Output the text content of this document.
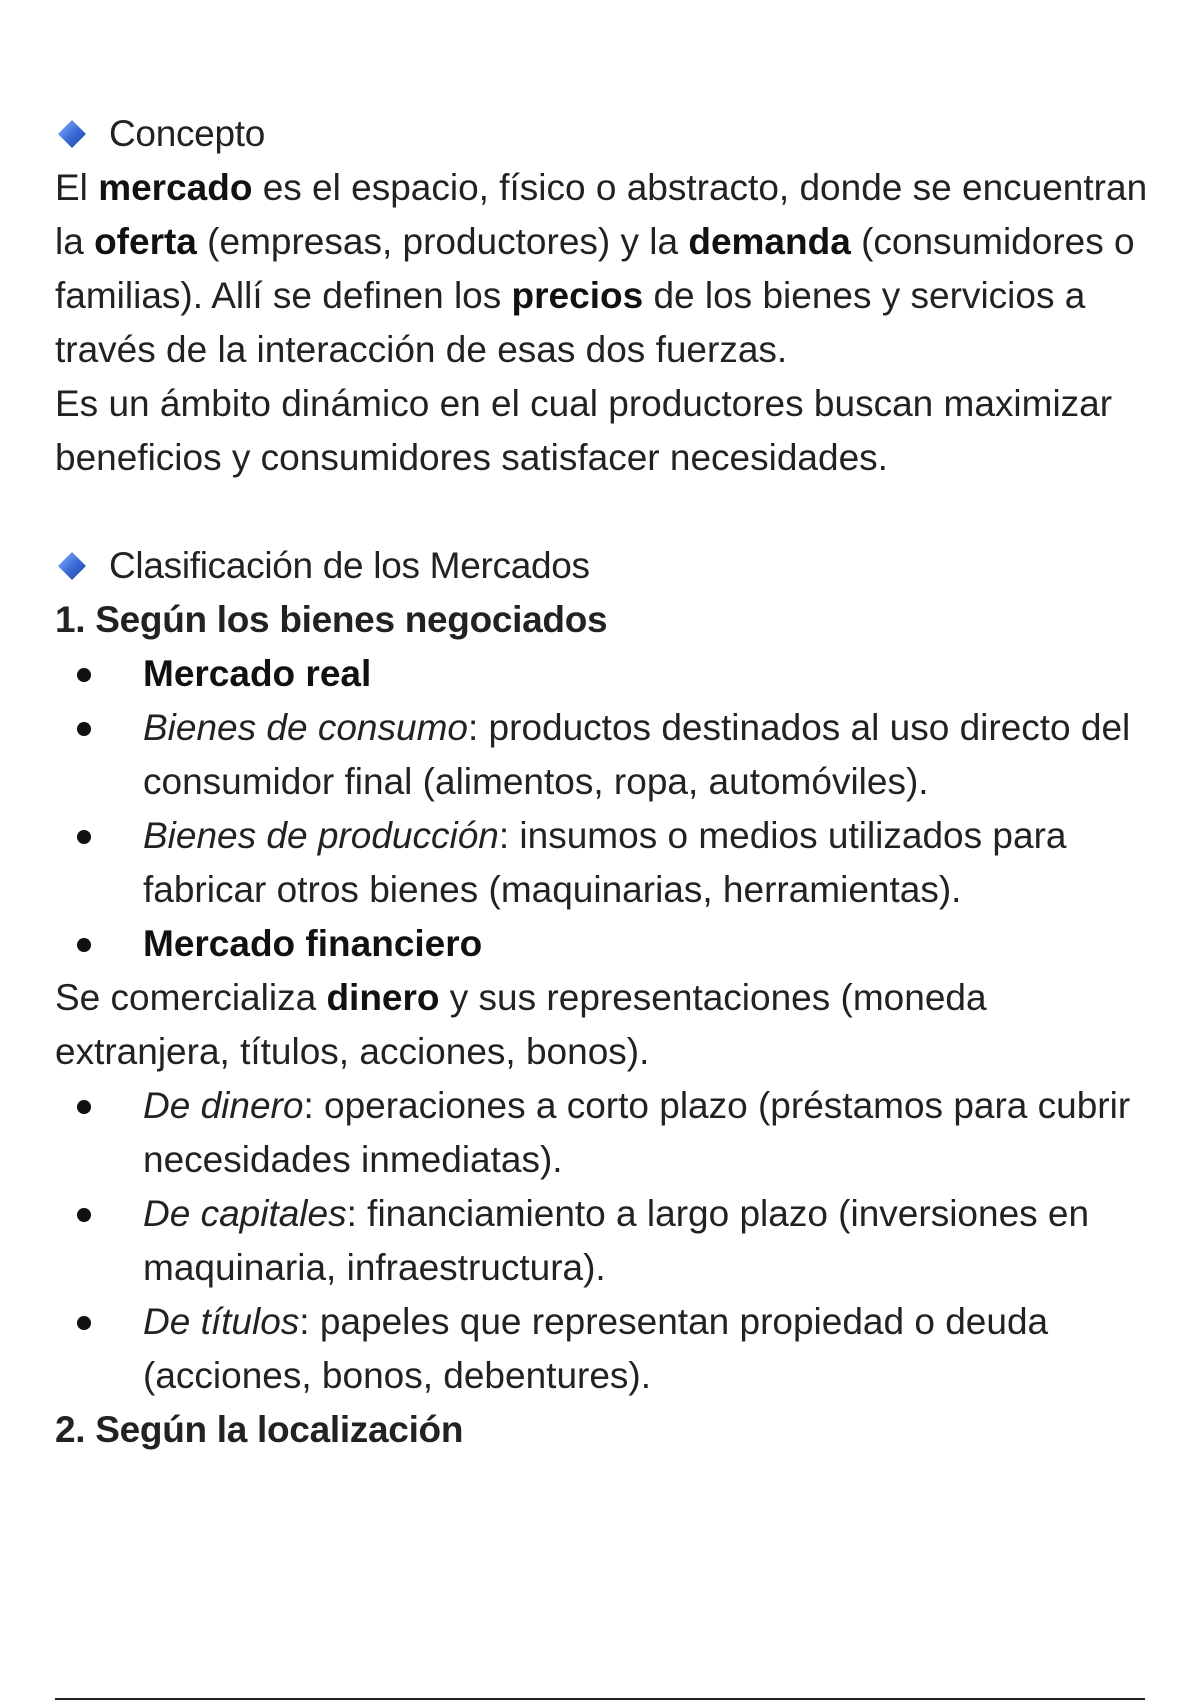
Concepto

El mercado es el espacio, físico o abstracto, donde se encuentran la oferta (empresas, productores) y la demanda (consumidores o familias). Allí se definen los precios de los bienes y servicios a través de la interacción de esas dos fuerzas.

Es un ámbito dinámico en el cual productores buscan maximizar beneficios y consumidores satisfacer necesidades.

Clasificación de los Mercados
1. Según los bienes negociados
Mercado real
Bienes de consumo: productos destinados al uso directo del consumidor final (alimentos, ropa, automóviles).
Bienes de producción: insumos o medios utilizados para fabricar otros bienes (maquinarias, herramientas).
Mercado financiero

Se comercializa dinero y sus representaciones (moneda extranjera, títulos, acciones, bonos).

De dinero: operaciones a corto plazo (préstamos para cubrir necesidades inmediatas).
De capitales: financiamiento a largo plazo (inversiones en maquinaria, infraestructura).
De títulos: papeles que representan propiedad o deuda (acciones, bonos, debentures).
2. Según la localización
